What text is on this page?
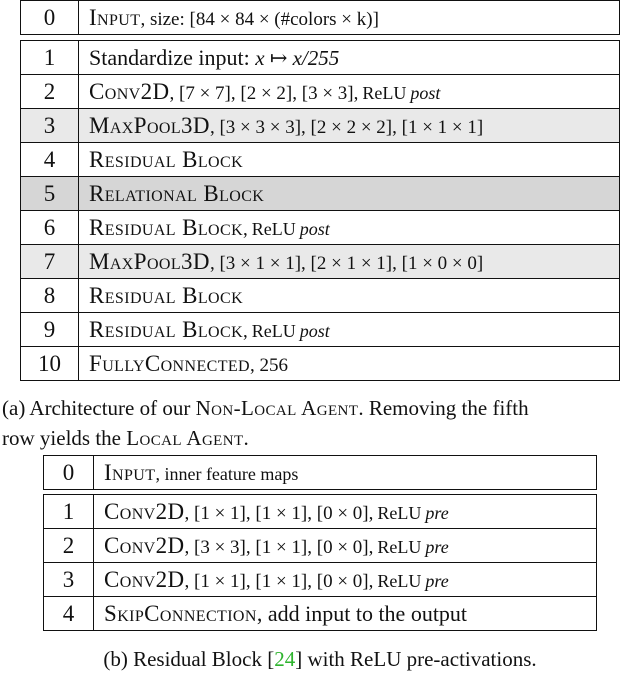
0	Input, size: [84 × 84 × (#colors × k)]
1	Standardize input: x ↦ x/255
2	Conv2D, [7 × 7], [2 × 2], [3 × 3], ReLU post
3	MaxPool3D, [3 × 3 × 3], [2 × 2 × 2], [1 × 1 × 1]
4	Residual Block
5	Relational Block
6	Residual Block, ReLU post
7	MaxPool3D, [3 × 1 × 1], [2 × 1 × 1], [1 × 0 × 0]
8	Residual Block
9	Residual Block, ReLU post
10	FullyConnected, 256
(a) Architecture of our Non-Local Agent. Removing the fifth
row yields the Local Agent.
0	Input, inner feature maps
1	Conv2D, [1 × 1], [1 × 1], [0 × 0], ReLU pre
2	Conv2D, [3 × 3], [1 × 1], [0 × 0], ReLU pre
3	Conv2D, [1 × 1], [1 × 1], [0 × 0], ReLU pre
4	SkipConnection, add input to the output
(b) Residual Block [24] with ReLU pre-activations.
